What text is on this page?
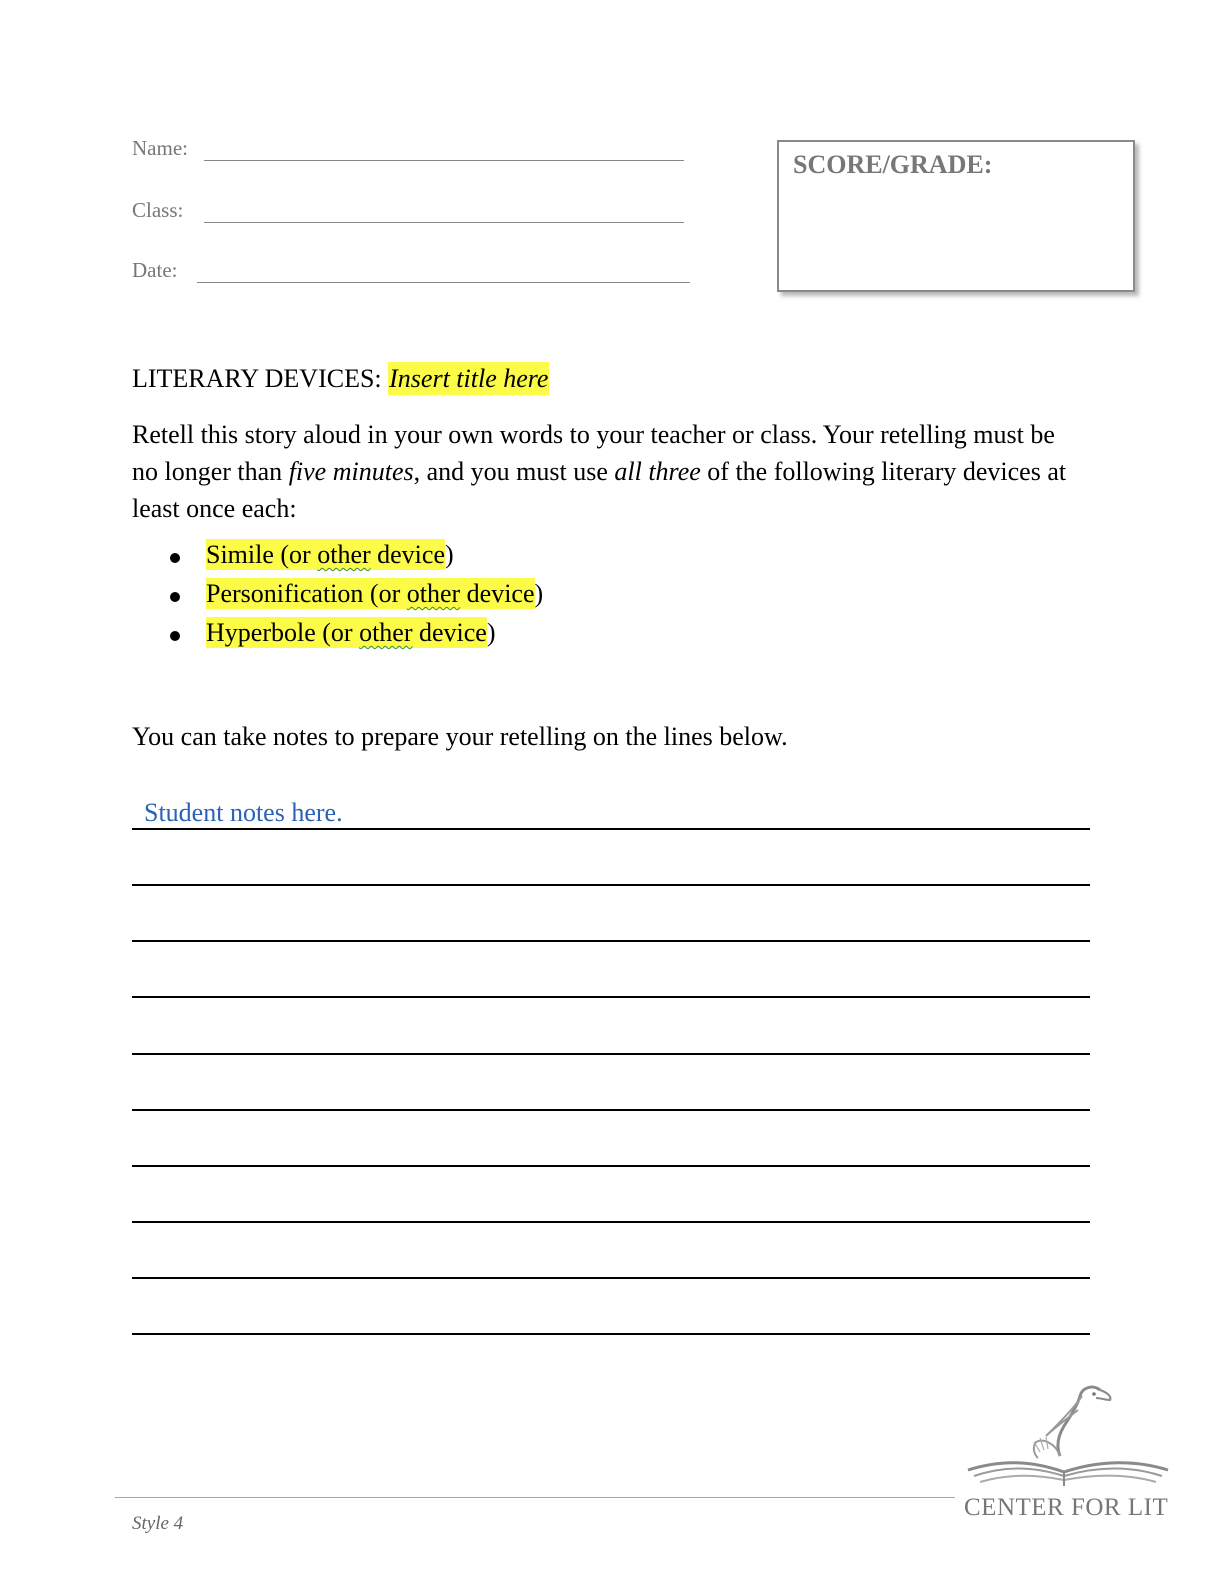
Name:
Class:
Date:
SCORE/GRADE:
LITERARY DEVICES: Insert title here
Retell this story aloud in your own words to your teacher or class. Your retelling must be no longer than five minutes, and you must use all three of the following literary devices at least once each:
Simile (or other device)
Personification (or other device)
Hyperbole (or other device)
You can take notes to prepare your retelling on the lines below.
Student notes here.
Style 4
CENTER FOR LIT
